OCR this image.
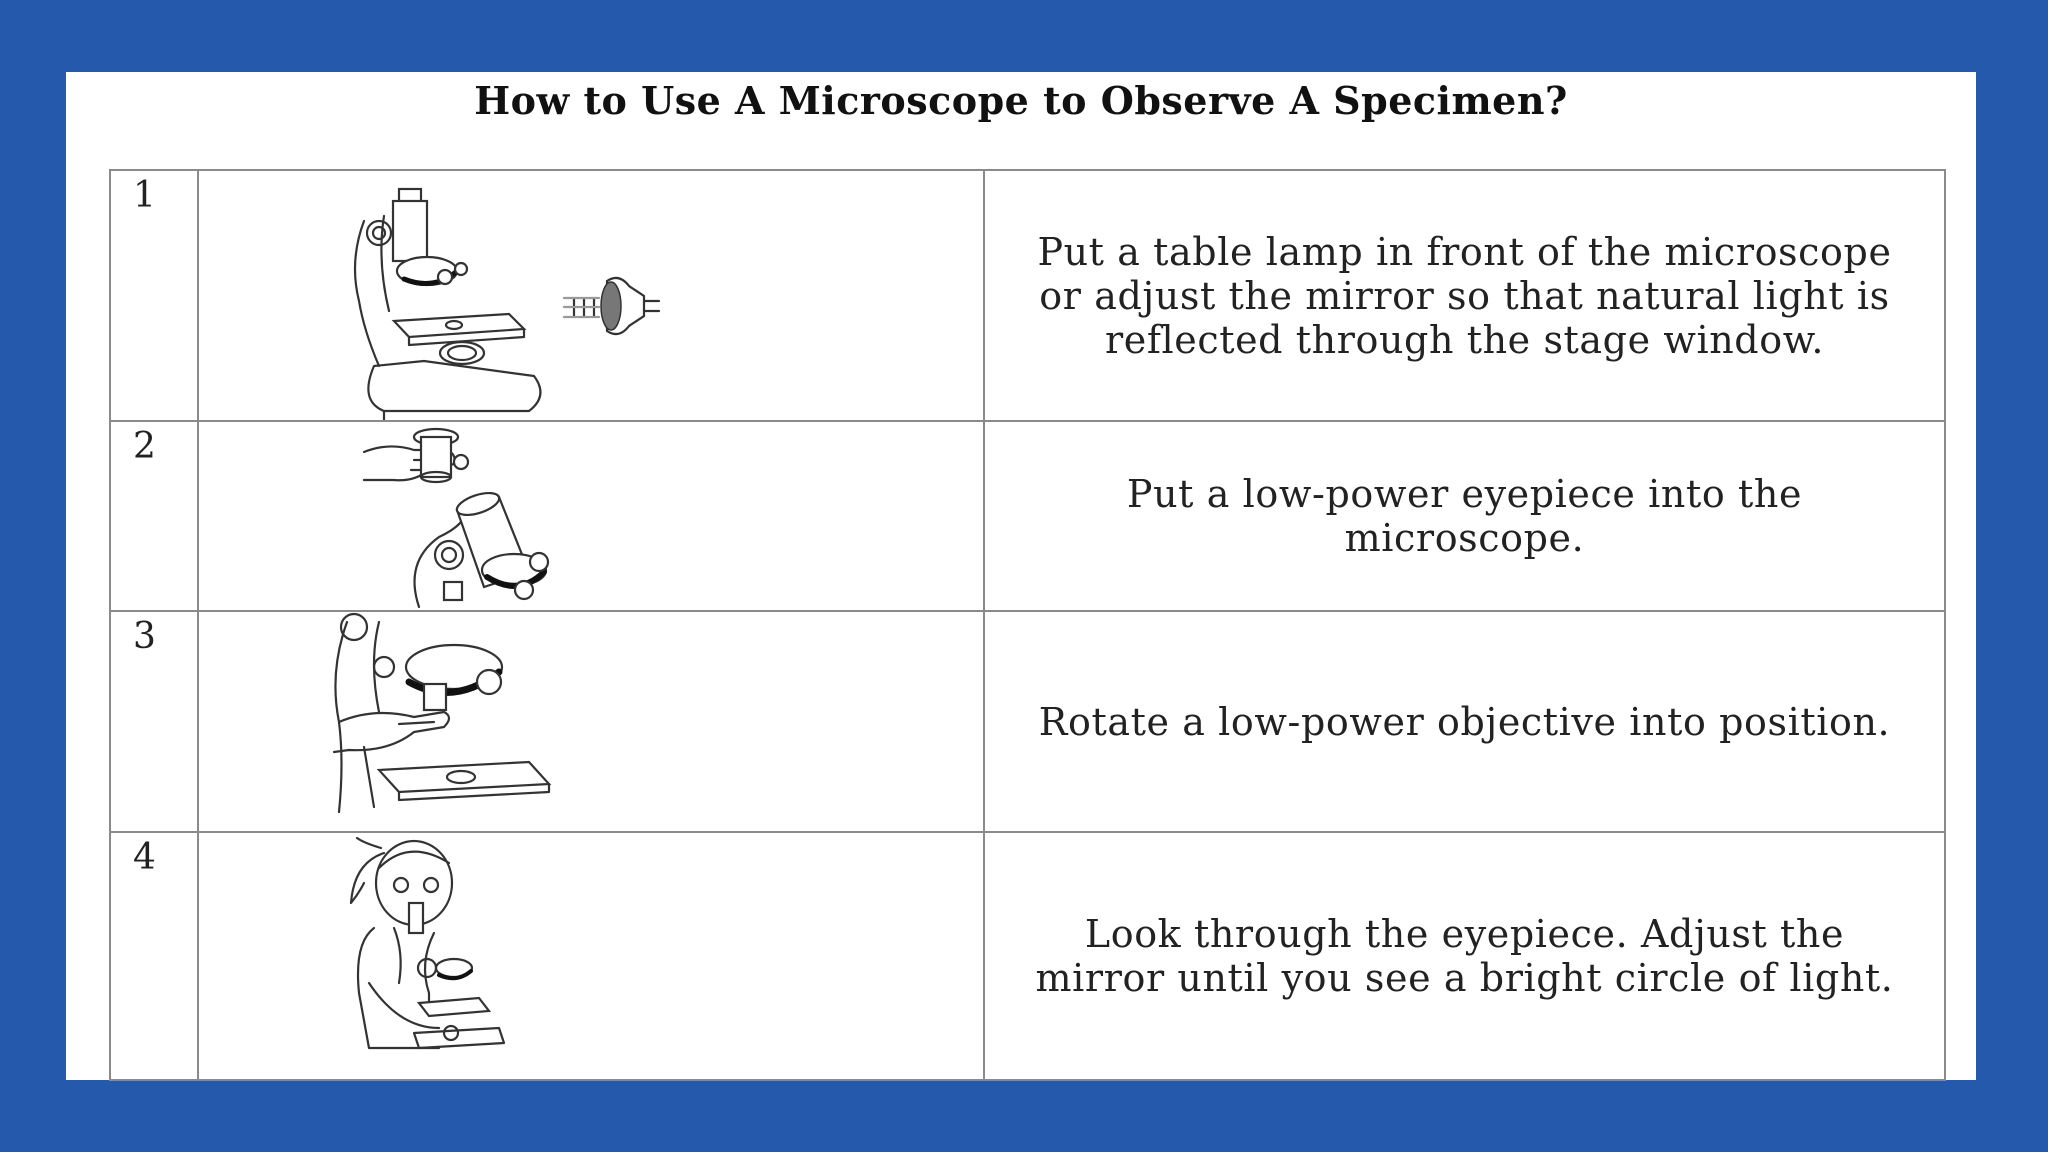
How to Use A Microscope to Observe A Specimen?
1		Put a table lamp in front of the microscope or adjust the mirror so that natural light is reflected through the stage window.

2		Put a low-power eyepiece into the microscope.

3		Rotate a low-power objective into position.

4		Look through the eyepiece. Adjust the mirror until you see a bright circle of light.
